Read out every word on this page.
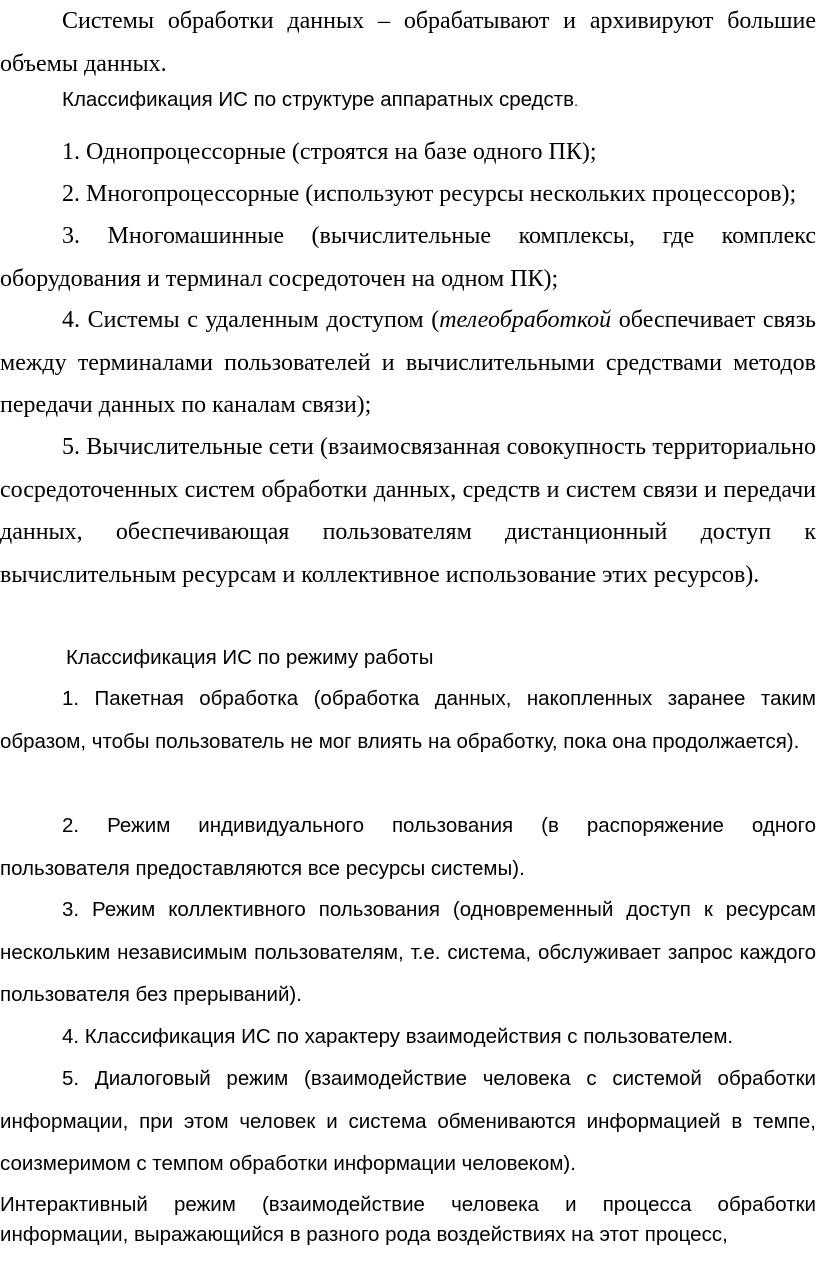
Системы обработки данных – обрабатывают и архивируют большие объемы данных.

Классификация ИС по структуре аппаратных средств.

1. Однопроцессорные (строятся на базе одного ПК);

2. Многопроцессорные (используют ресурсы нескольких процессоров);

3. Многомашинные (вычислительные комплексы, где комплекс оборудования и терминал сосредоточен на одном ПК);

4. Системы с удаленным доступом (телеобработкой обеспечивает связь между терминалами пользователей и вычислительными средствами методов передачи данных по каналам связи);

5. Вычислительные сети (взаимосвязанная совокупность территориально сосредоточенных систем обработки данных, средств и систем связи и передачи данных, обеспечивающая пользователям дистанционный доступ к вычислительным ресурсам и коллективное использование этих ресурсов).

Классификация ИС по режиму работы

1. Пакетная обработка (обработка данных, накопленных заранее таким образом, чтобы пользователь не мог влиять на обработку, пока она продолжается).

2. Режим индивидуального пользования (в распоряжение одного пользователя предоставляются все ресурсы системы).

3. Режим коллективного пользования (одновременный доступ к ресурсам нескольким независимым пользователям, т.е. система, обслуживает запрос каждого пользователя без прерываний).

4. Классификация ИС по характеру взаимодействия с пользователем.

5. Диалоговый режим (взаимодействие человека с системой обработки информации, при этом человек и система обмениваются информацией в темпе, соизмеримом с темпом обработки информации человеком).

Интерактивный режим (взаимодействие человека и процесса обработки информации, выражающийся в разного рода воздействиях на этот процесс,
